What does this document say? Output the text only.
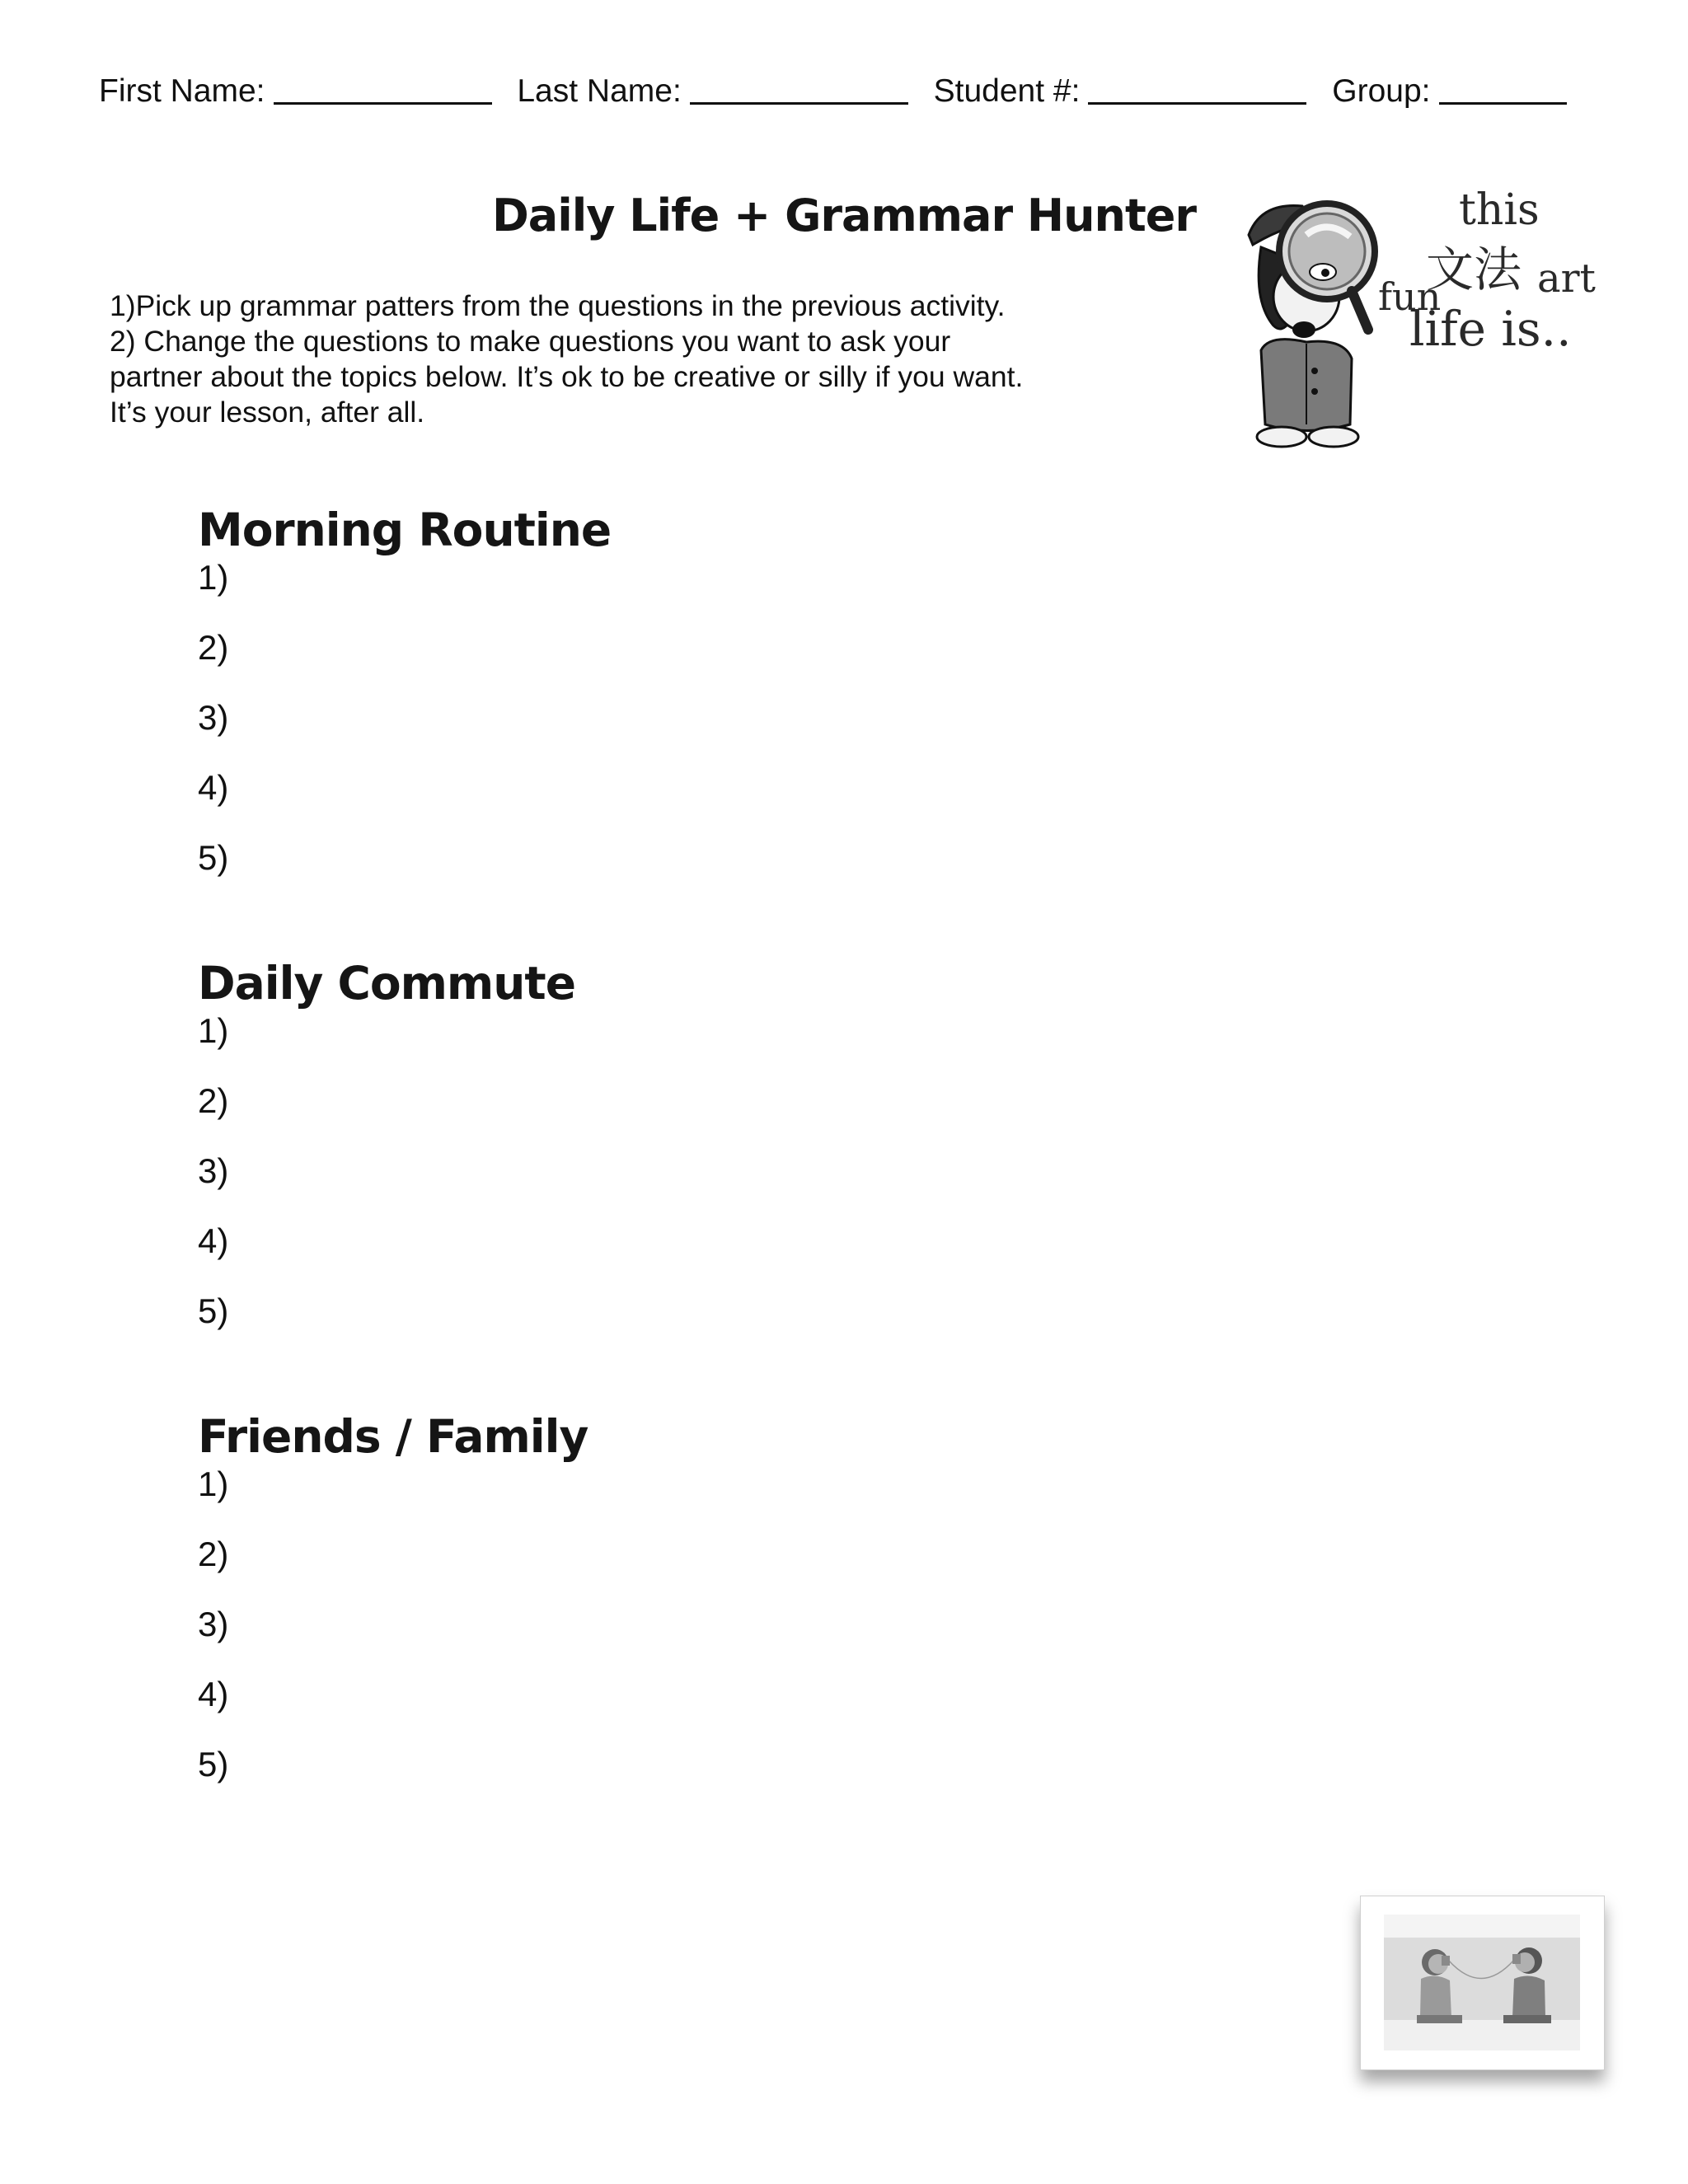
First Name:	Last Name:	Student #:	Group:
Daily Life + Grammar Hunter
1)Pick up grammar patters from the questions in the previous activity.
2) Change the questions to make questions you want to ask your
partner about the topics below. It’s ok to be creative or silly if you want.
It’s your lesson, after all.
this
文法 art
fun
life is..
Morning Routine
1)
2)
3)
4)
5)
Daily Commute
1)
2)
3)
4)
5)
Friends / Family
1)
2)
3)
4)
5)
